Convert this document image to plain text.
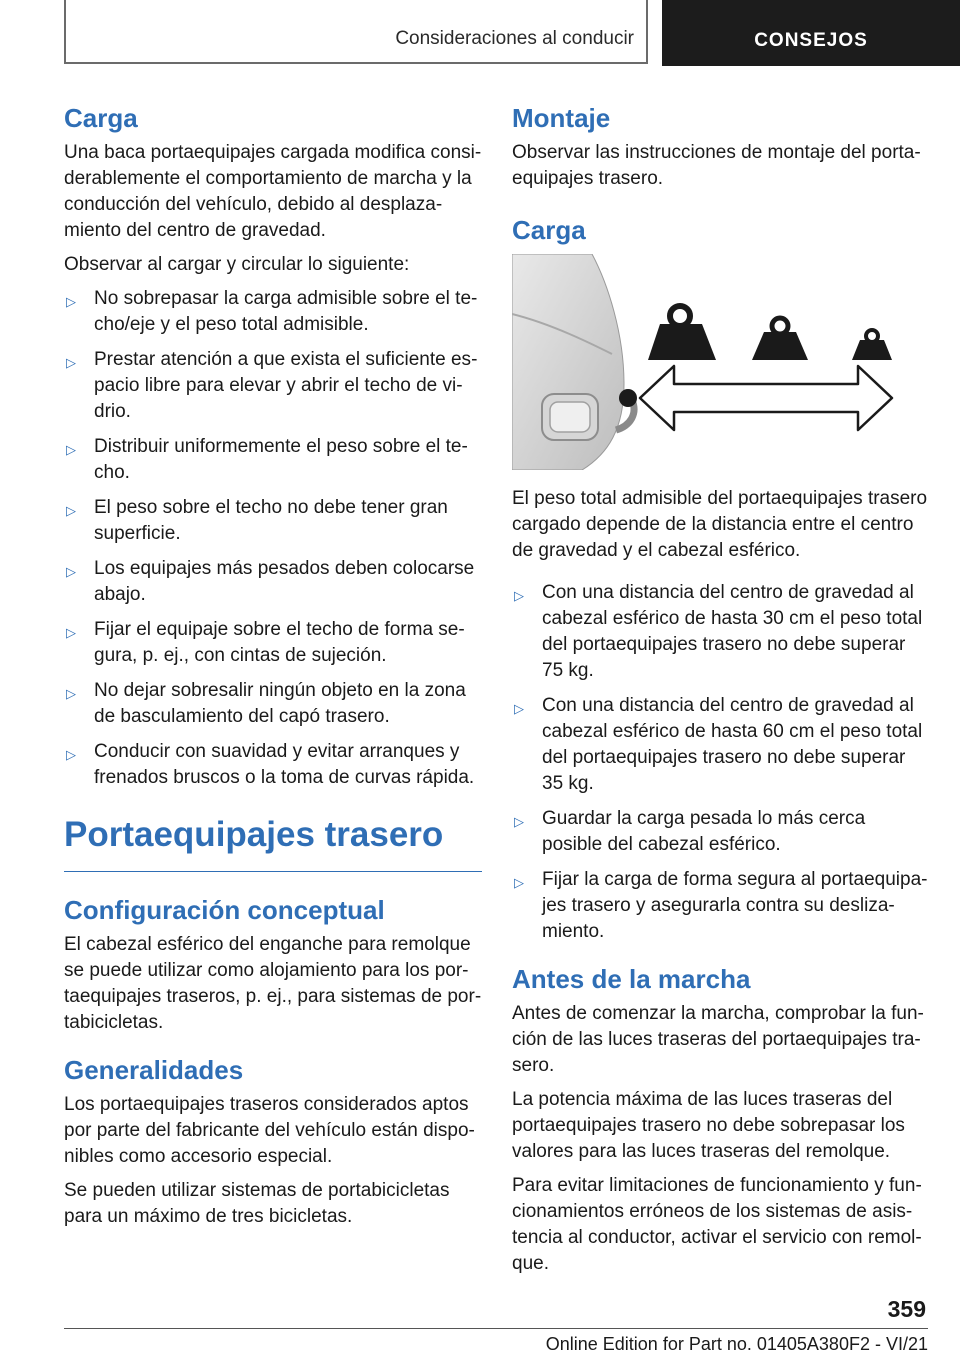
Consideraciones al conducir	CONSEJOS
Carga

Una baca portaequipajes cargada modifica considerablemente el comportamiento de marcha y la conducción del vehículo, debido al desplazamiento del centro de gravedad.

Observar al cargar y circular lo siguiente:

▷ No sobrepasar la carga admisible sobre el techo/eje y el peso total admisible.
▷ Prestar atención a que exista el suficiente espacio libre para elevar y abrir el techo de vidrio.
▷ Distribuir uniformemente el peso sobre el techo.
▷ El peso sobre el techo no debe tener gran superficie.
▷ Los equipajes más pesados deben colocarse abajo.
▷ Fijar el equipaje sobre el techo de forma segura, p. ej., con cintas de sujeción.
▷ No dejar sobresalir ningún objeto en la zona de basculamiento del capó trasero.
▷ Conducir con suavidad y evitar arranques y frenados bruscos o la toma de curvas rápida.
Portaequipajes trasero
Configuración conceptual

El cabezal esférico del enganche para remolque se puede utilizar como alojamiento para los portaequipajes traseros, p. ej., para sistemas de portabicicletas.

Generalidades

Los portaequipajes traseros considerados aptos por parte del fabricante del vehículo están disponibles como accesorio especial.

Se pueden utilizar sistemas de portabicicletas para un máximo de tres bicicletas.

Montaje

Observar las instrucciones de montaje del portaequipajes trasero.

Carga

El peso total admisible del portaequipajes trasero cargado depende de la distancia entre el centro de gravedad y el cabezal esférico.

▷ Con una distancia del centro de gravedad al cabezal esférico de hasta 30 cm el peso total del portaequipajes trasero no debe superar 75 kg.
▷ Con una distancia del centro de gravedad al cabezal esférico de hasta 60 cm el peso total del portaequipajes trasero no debe superar 35 kg.
▷ Guardar la carga pesada lo más cerca posible del cabezal esférico.
▷ Fijar la carga de forma segura al portaequipajes trasero y asegurarla contra su deslizamiento.
Antes de la marcha

Antes de comenzar la marcha, comprobar la función de las luces traseras del portaequipajes trasero.

La potencia máxima de las luces traseras del portaequipajes trasero no debe sobrepasar los valores para las luces traseras del remolque.

Para evitar limitaciones de funcionamiento y funcionamientos erróneos de los sistemas de asistencia al conductor, activar el servicio con remolque.

359
Online Edition for Part no. 01405A380F2 - VI/21
